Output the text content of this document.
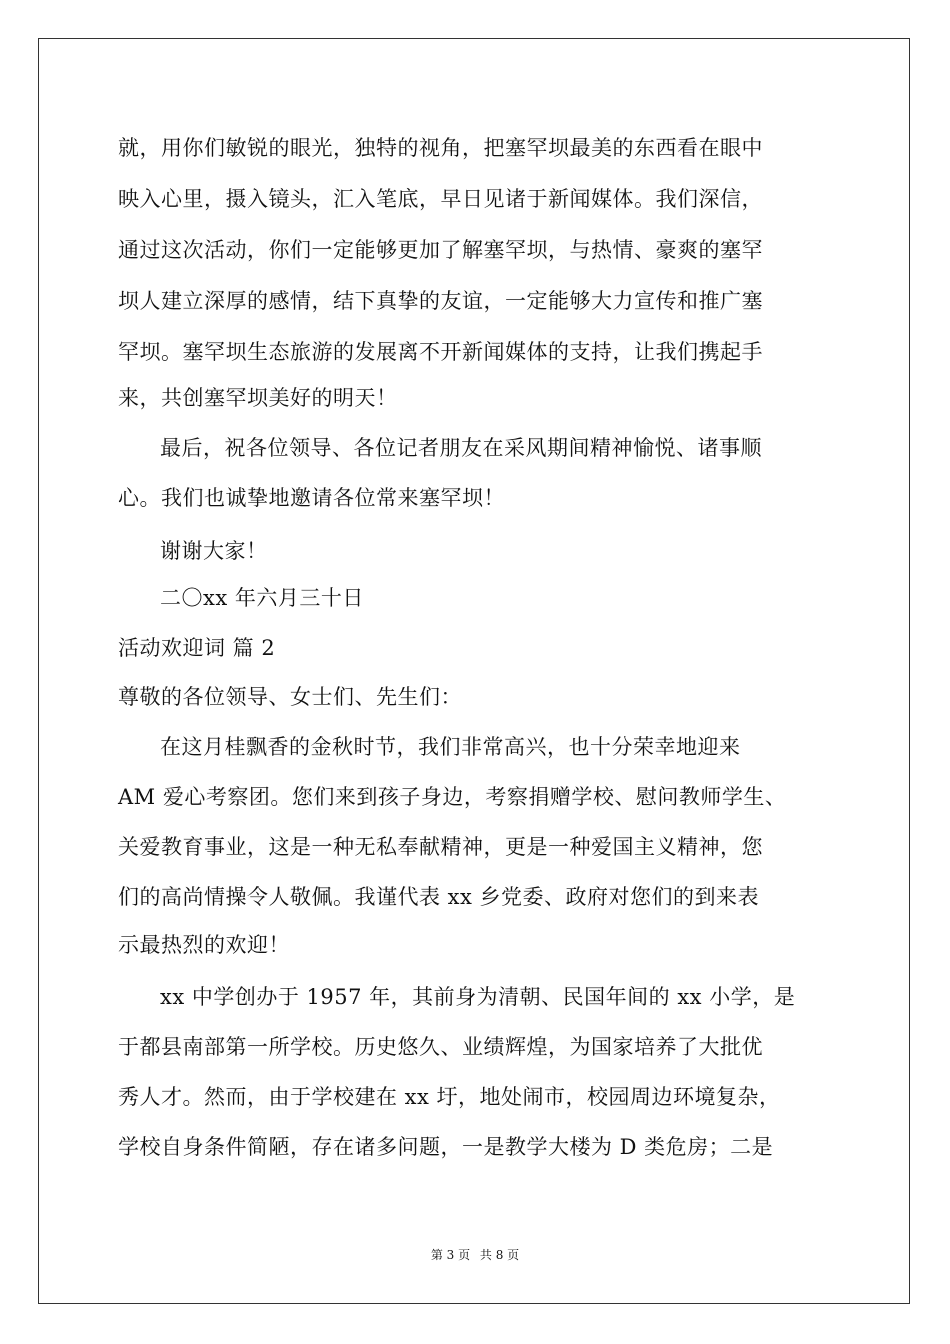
就，用你们敏锐的眼光，独特的视角，把塞罕坝最美的东西看在眼中
映入心里，摄入镜头，汇入笔底，早日见诸于新闻媒体。我们深信，
通过这次活动，你们一定能够更加了解塞罕坝，与热情、豪爽的塞罕
坝人建立深厚的感情，结下真挚的友谊，一定能够大力宣传和推广塞
罕坝。塞罕坝生态旅游的发展离不开新闻媒体的支持，让我们携起手
来，共创塞罕坝美好的明天！
最后，祝各位领导、各位记者朋友在采风期间精神愉悦、诸事顺
心。我们也诚挚地邀请各位常来塞罕坝！
谢谢大家！
二〇xx 年六月三十日
活动欢迎词 篇 2
尊敬的各位领导、女士们、先生们：
在这月桂飘香的金秋时节，我们非常高兴，也十分荣幸地迎来
AM 爱心考察团。您们来到孩子身边，考察捐赠学校、慰问教师学生、
关爱教育事业，这是一种无私奉献精神，更是一种爱国主义精神，您
们的高尚情操令人敬佩。我谨代表 xx 乡党委、政府对您们的到来表
示最热烈的欢迎！
xx 中学创办于 1957 年，其前身为清朝、民国年间的 xx 小学，是
于都县南部第一所学校。历史悠久、业绩辉煌，为国家培养了大批优
秀人才。然而，由于学校建在 xx 圩，地处闹市，校园周边环境复杂，
学校自身条件简陋，存在诸多问题，一是教学大楼为 D 类危房；二是
第 3 页 共 8 页
